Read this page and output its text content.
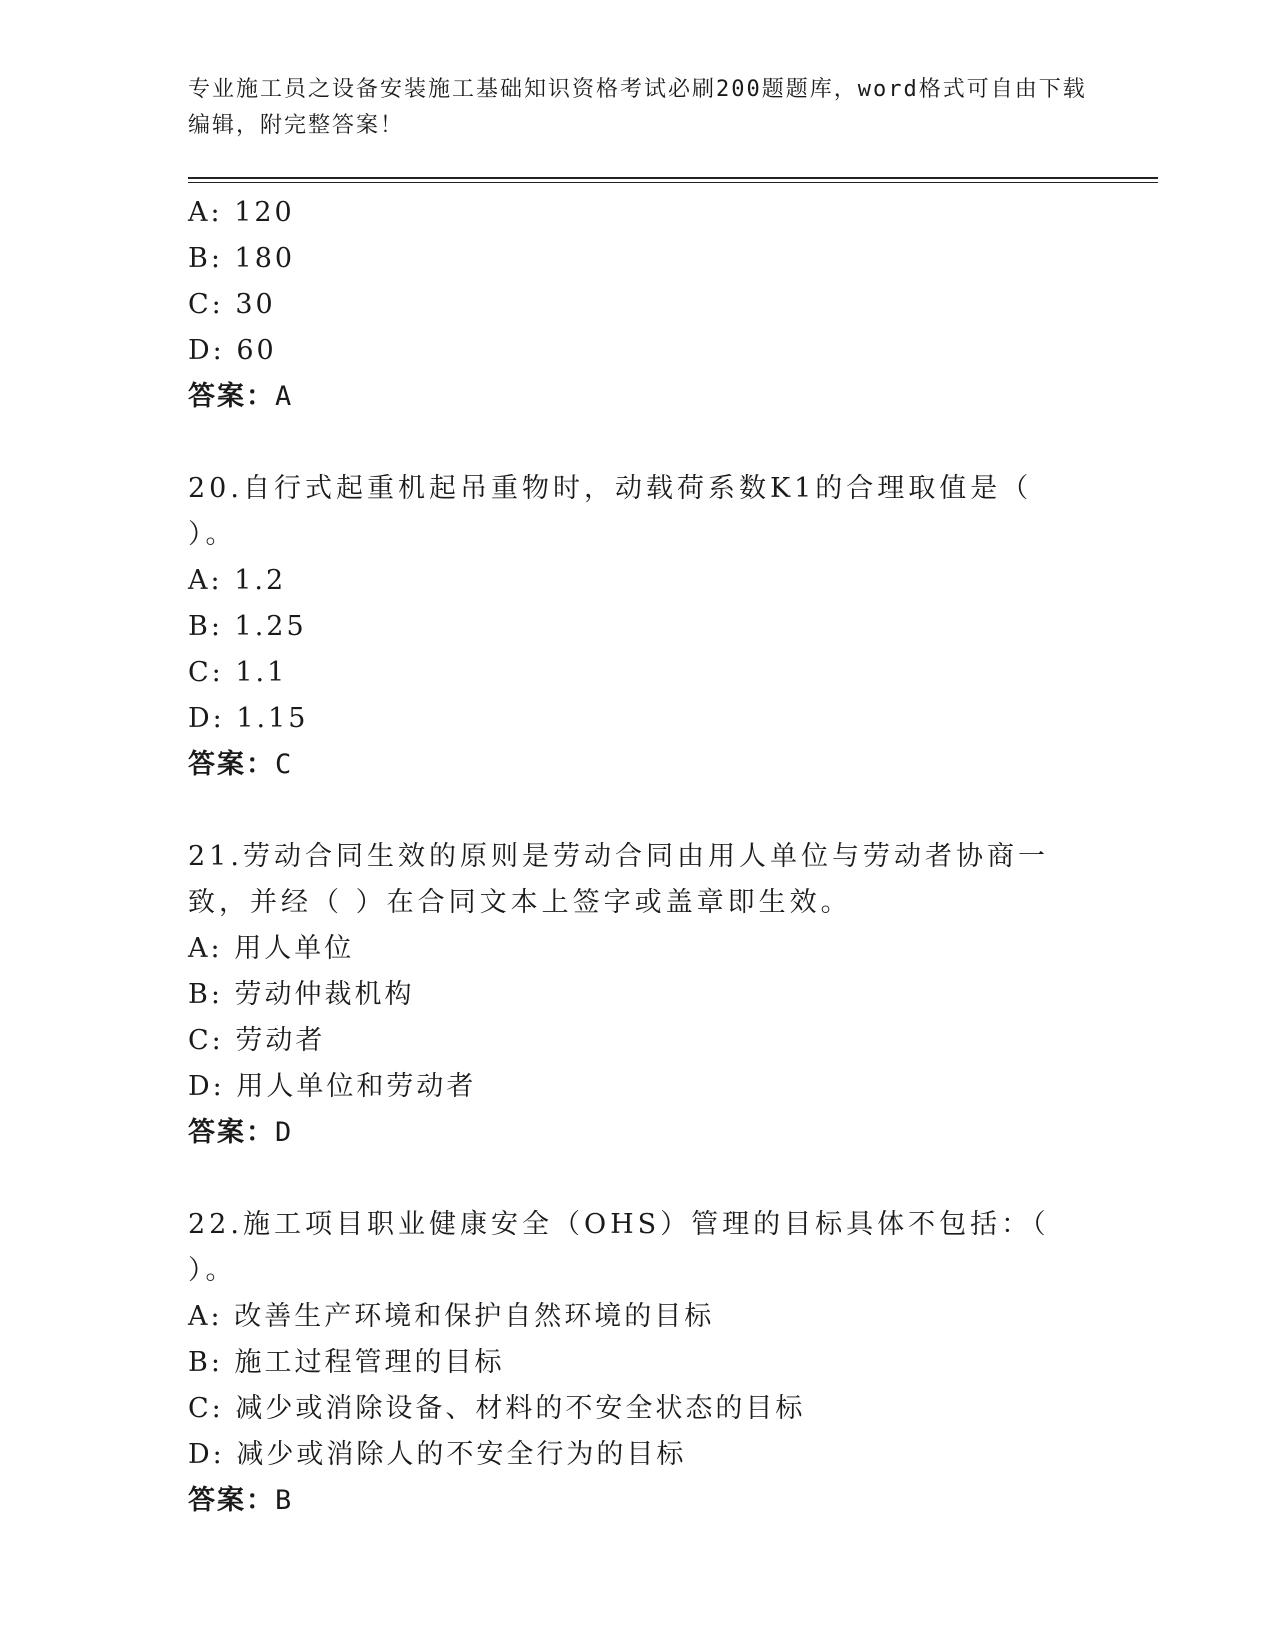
专业施工员之设备安装施工基础知识资格考试必刷200题题库，word格式可自由下载编辑，附完整答案！
A: 120
B: 180
C: 30
D: 60
答案：A
20.自行式起重机起吊重物时，动载荷系数K1的合理取值是（ ）。
A: 1.2
B: 1.25
C: 1.1
D: 1.15
答案：C
21.劳动合同生效的原则是劳动合同由用人单位与劳动者协商一致，并经（ ）在合同文本上签字或盖章即生效。
A: 用人单位
B: 劳动仲裁机构
C: 劳动者
D: 用人单位和劳动者
答案：D
22.施工项目职业健康安全（OHS）管理的目标具体不包括：（ ）。
A: 改善生产环境和保护自然环境的目标
B: 施工过程管理的目标
C: 减少或消除设备、材料的不安全状态的目标
D: 减少或消除人的不安全行为的目标
答案：B
